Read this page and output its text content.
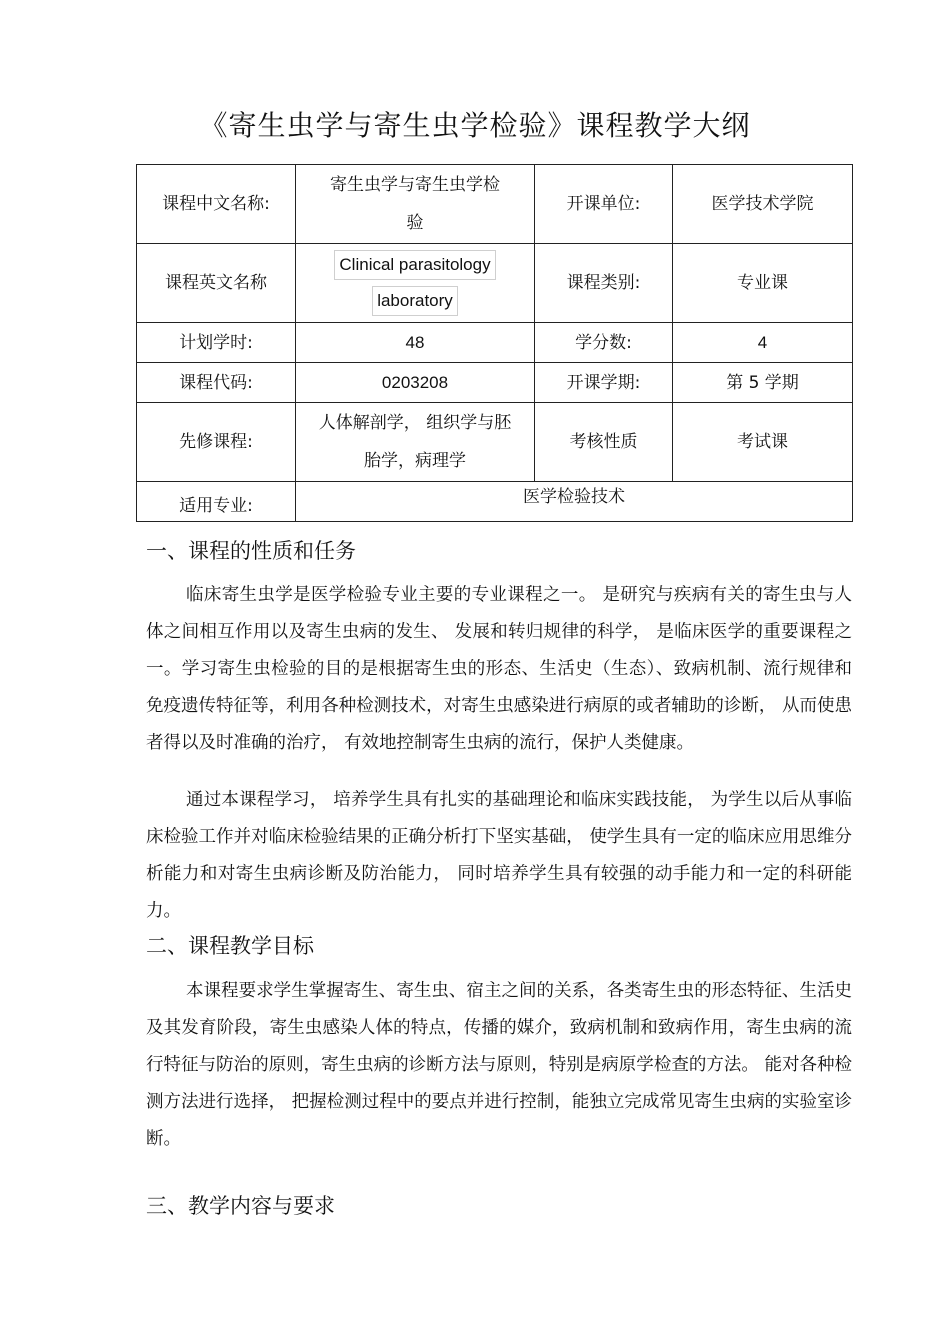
《寄生虫学与寄生虫学检验》课程教学大纲
课程中文名称:	寄生虫学与寄生虫学检
验	开课单位:	医学技术学院
课程英文名称	Clinical parasitology
laboratory	课程类别:	专业课
计划学时:	48	学分数:	4
课程代码:	0203208	开课学期:	第 5 学期
先修课程:	人体解剖学， 组织学与胚
胎学，病理学	考核性质	考试课
适用专业:	医学检验技术		
一、课程的性质和任务
临床寄生虫学是医学检验专业主要的专业课程之一。 是研究与疾病有关的寄生虫与人体之间相互作用以及寄生虫病的发生、 发展和转归规律的科学， 是临床医学的重要课程之一。学习寄生虫检验的目的是根据寄生虫的形态、生活史（生态）、致病机制、流行规律和免疫遗传特征等，利用各种检测技术，对寄生虫感染进行病原的或者辅助的诊断， 从而使患者得以及时准确的治疗， 有效地控制寄生虫病的流行，保护人类健康。
通过本课程学习， 培养学生具有扎实的基础理论和临床实践技能， 为学生以后从事临床检验工作并对临床检验结果的正确分析打下坚实基础， 使学生具有一定的临床应用思维分析能力和对寄生虫病诊断及防治能力， 同时培养学生具有较强的动手能力和一定的科研能力。
二、课程教学目标
本课程要求学生掌握寄生、寄生虫、宿主之间的关系，各类寄生虫的形态特征、生活史及其发育阶段，寄生虫感染人体的特点，传播的媒介，致病机制和致病作用，寄生虫病的流行特征与防治的原则，寄生虫病的诊断方法与原则，特别是病原学检查的方法。 能对各种检测方法进行选择， 把握检测过程中的要点并进行控制，能独立完成常见寄生虫病的实验室诊断。
三、教学内容与要求
